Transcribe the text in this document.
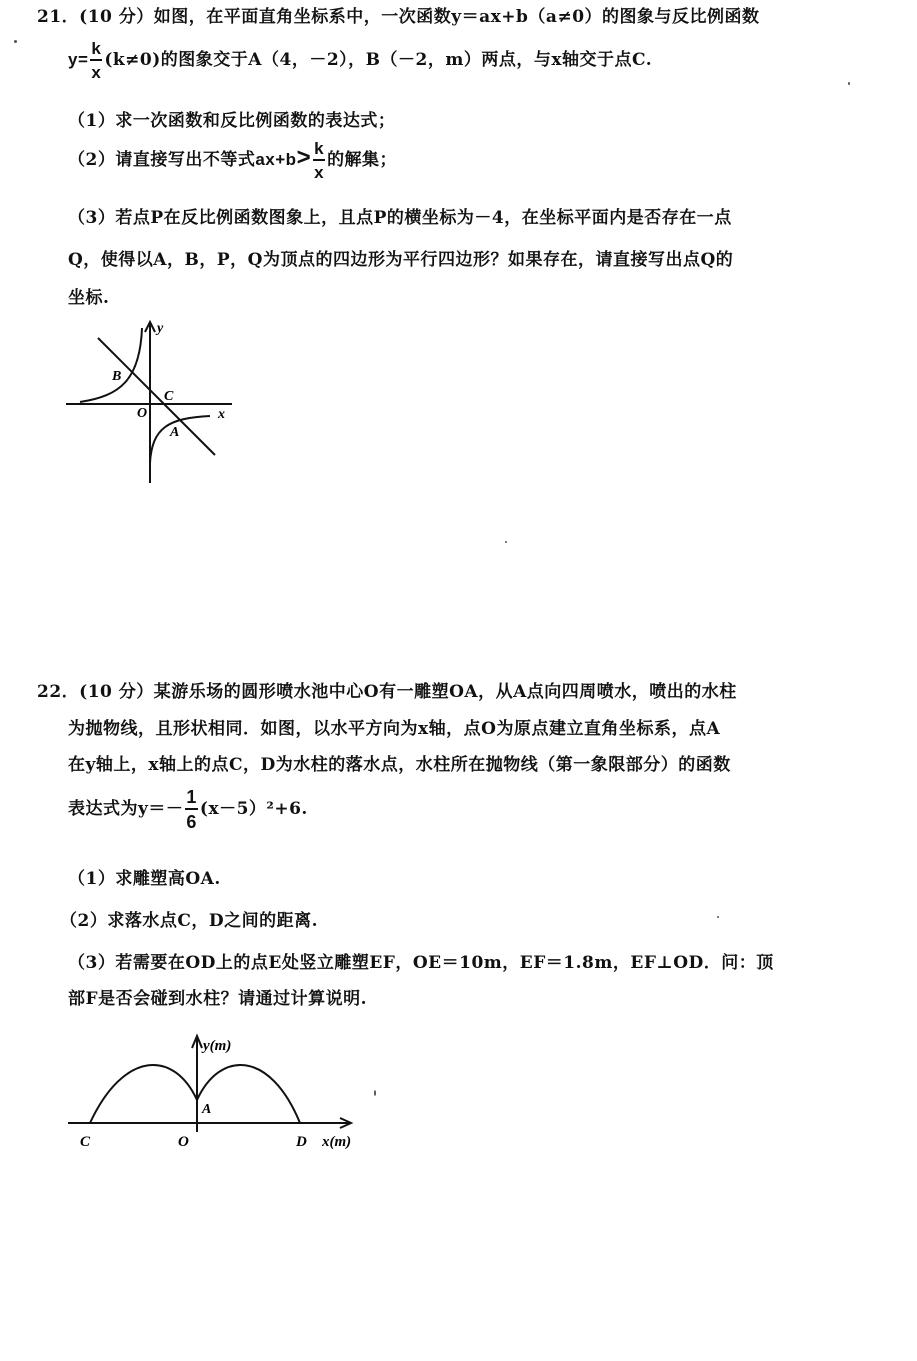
21．(10 分）如图，在平面直角坐标系中，一次函数y＝ax+b（a≠0）的图象与反比例函数
$y= \frac{k}{x} (k\ne 0)$的图象交于A（4，－2），B（－2，m）两点，与x轴交于点C.
（1）求一次函数和反比例函数的表达式；
（2）请直接写出不等式$ax+b> \frac{k}{x}$ 的解集；
（3）若点P在反比例函数图象上，且点P的横坐标为－4，在坐标平面内是否存在一点
Q，使得以A，B，P，Q为顶点的四边形为平行四边形？如果存在，请直接写出点Q的
坐标.
y
x
B
C
O
A
22．(10 分）某游乐场的圆形喷水池中心O有一雕塑OA，从A点向四周喷水，喷出的水柱
为抛物线，且形状相同．如图，以水平方向为x轴，点O为原点建立直角坐标系，点A
在y轴上，x轴上的点C，D为水柱的落水点，水柱所在抛物线（第一象限部分）的函数
表达式为$y=- \frac{1}{6} (x-5)^2+6$.
（1）求雕塑高OA.
（2）求落水点C，D之间的距离.
（3）若需要在OD上的点E处竖立雕塑EF，OE＝10m，EF＝1.8m，EF⊥OD．问：顶
部F是否会碰到水柱？请通过计算说明.
y(m)
x(m)
C	O	D
A
